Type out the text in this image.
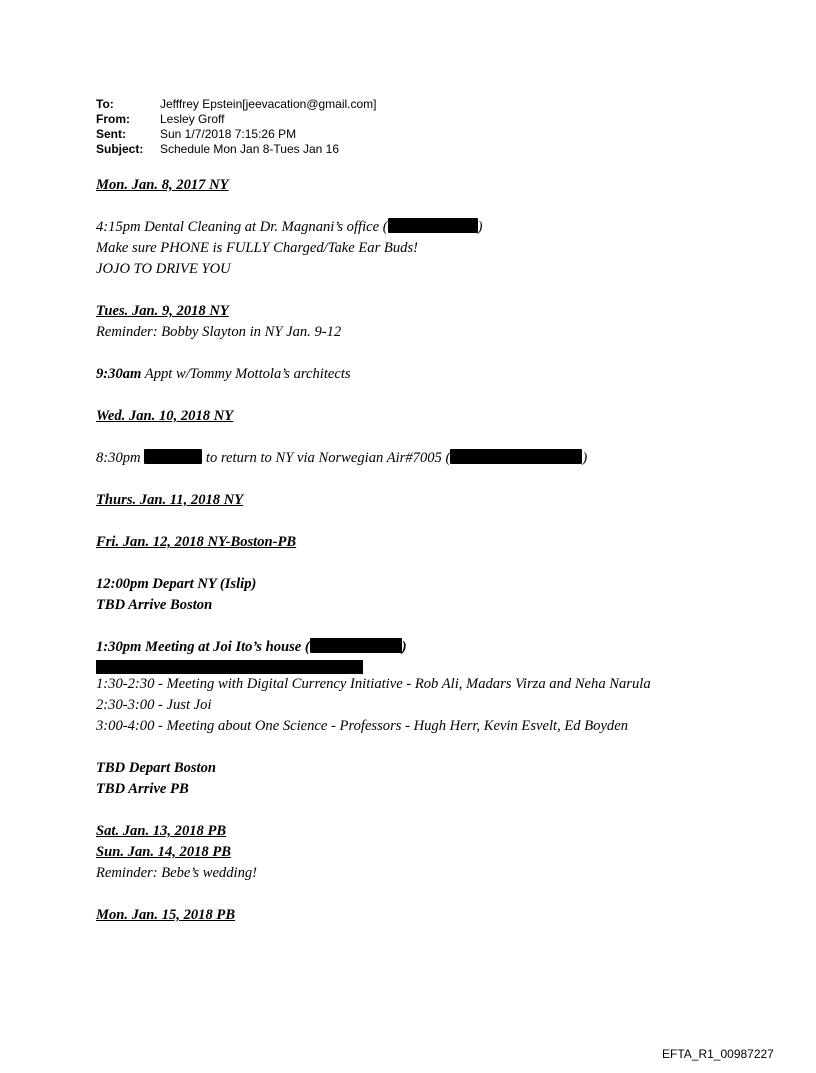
To:	Jefffrey Epstein[jeevacation@gmail.com]
From:	Lesley Groff
Sent:	Sun 1/7/2018 7:15:26 PM
Subject:	Schedule Mon Jan 8-Tues Jan 16
Mon. Jan. 8, 2017 NY
4:15pm Dental Cleaning at Dr. Magnani’s office (	)
Make sure PHONE is FULLY Charged/Take Ear Buds!
JOJO TO DRIVE YOU
Tues. Jan. 9, 2018 NY
Reminder: Bobby Slayton in NY Jan. 9-12
9:30am Appt w/Tommy Mottola’s architects
Wed. Jan. 10, 2018 NY
8:30pm	to return to NY via Norwegian Air#7005 (	)
Thurs. Jan. 11, 2018 NY
Fri. Jan. 12, 2018 NY-Boston-PB
12:00pm Depart NY (Islip)
TBD Arrive Boston
1:30pm Meeting at Joi Ito’s house (	)
1:30-2:30 - Meeting with Digital Currency Initiative - Rob Ali, Madars Virza and Neha Narula
2:30-3:00 - Just Joi
3:00-4:00 - Meeting about One Science - Professors - Hugh Herr, Kevin Esvelt, Ed Boyden
TBD Depart Boston
TBD Arrive PB
Sat. Jan. 13, 2018 PB
Sun. Jan. 14, 2018 PB
Reminder: Bebe’s wedding!
Mon. Jan. 15, 2018 PB
EFTA_R1_00987227
